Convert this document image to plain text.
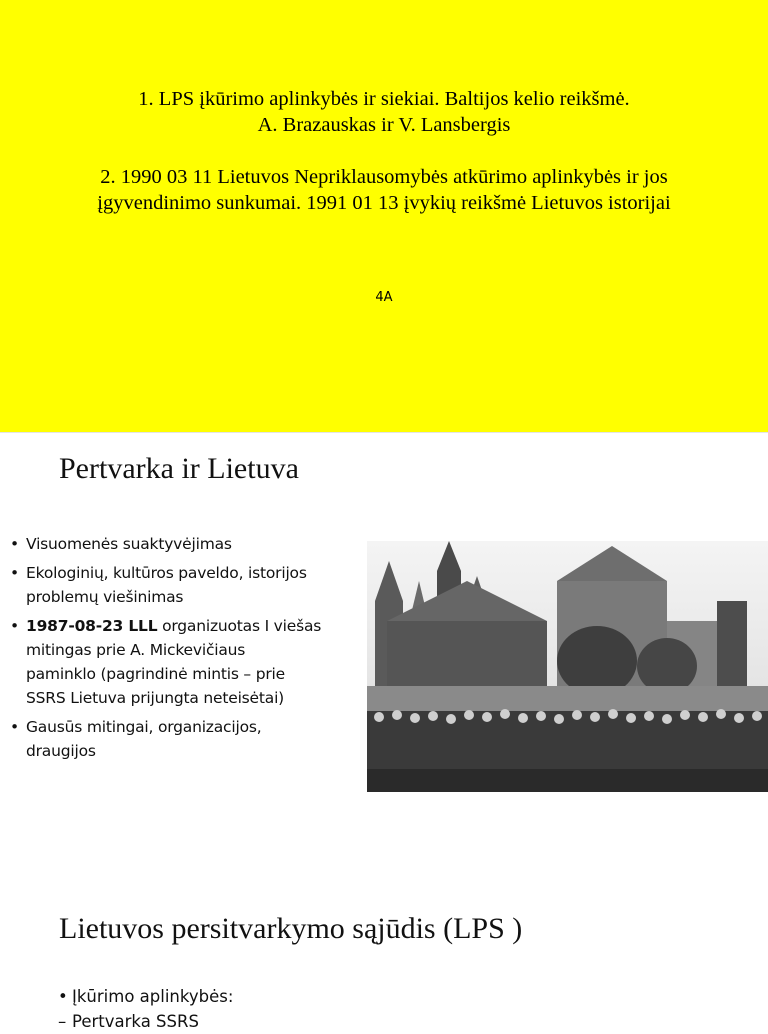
1. LPS įkūrimo aplinkybės ir siekiai. Baltijos kelio reikšmė.
A. Brazauskas ir V. Lansbergis
2. 1990 03 11 Lietuvos Nepriklausomybės atkūrimo aplinkybės ir jos
įgyvendinimo sunkumai. 1991 01 13 įvykių reikšmė Lietuvos istorijai
4A
Pertvarka ir Lietuva
• Visuomenės suaktyvėjimas
• Ekologinių, kultūros paveldo, istorijos
problemų viešinimas
• 1987-08-23 LLL organizuotas I viešas
mitingas prie A. Mickevičiaus
paminklo (pagrindinė mintis – prie
SSRS Lietuva prijungta neteisėtai)
• Gausūs mitingai, organizacijos,
draugijos
Lietuvos persitvarkymo sąjūdis (LPS )
• Įkūrimo aplinkybės:
– Pertvarka SSRS
